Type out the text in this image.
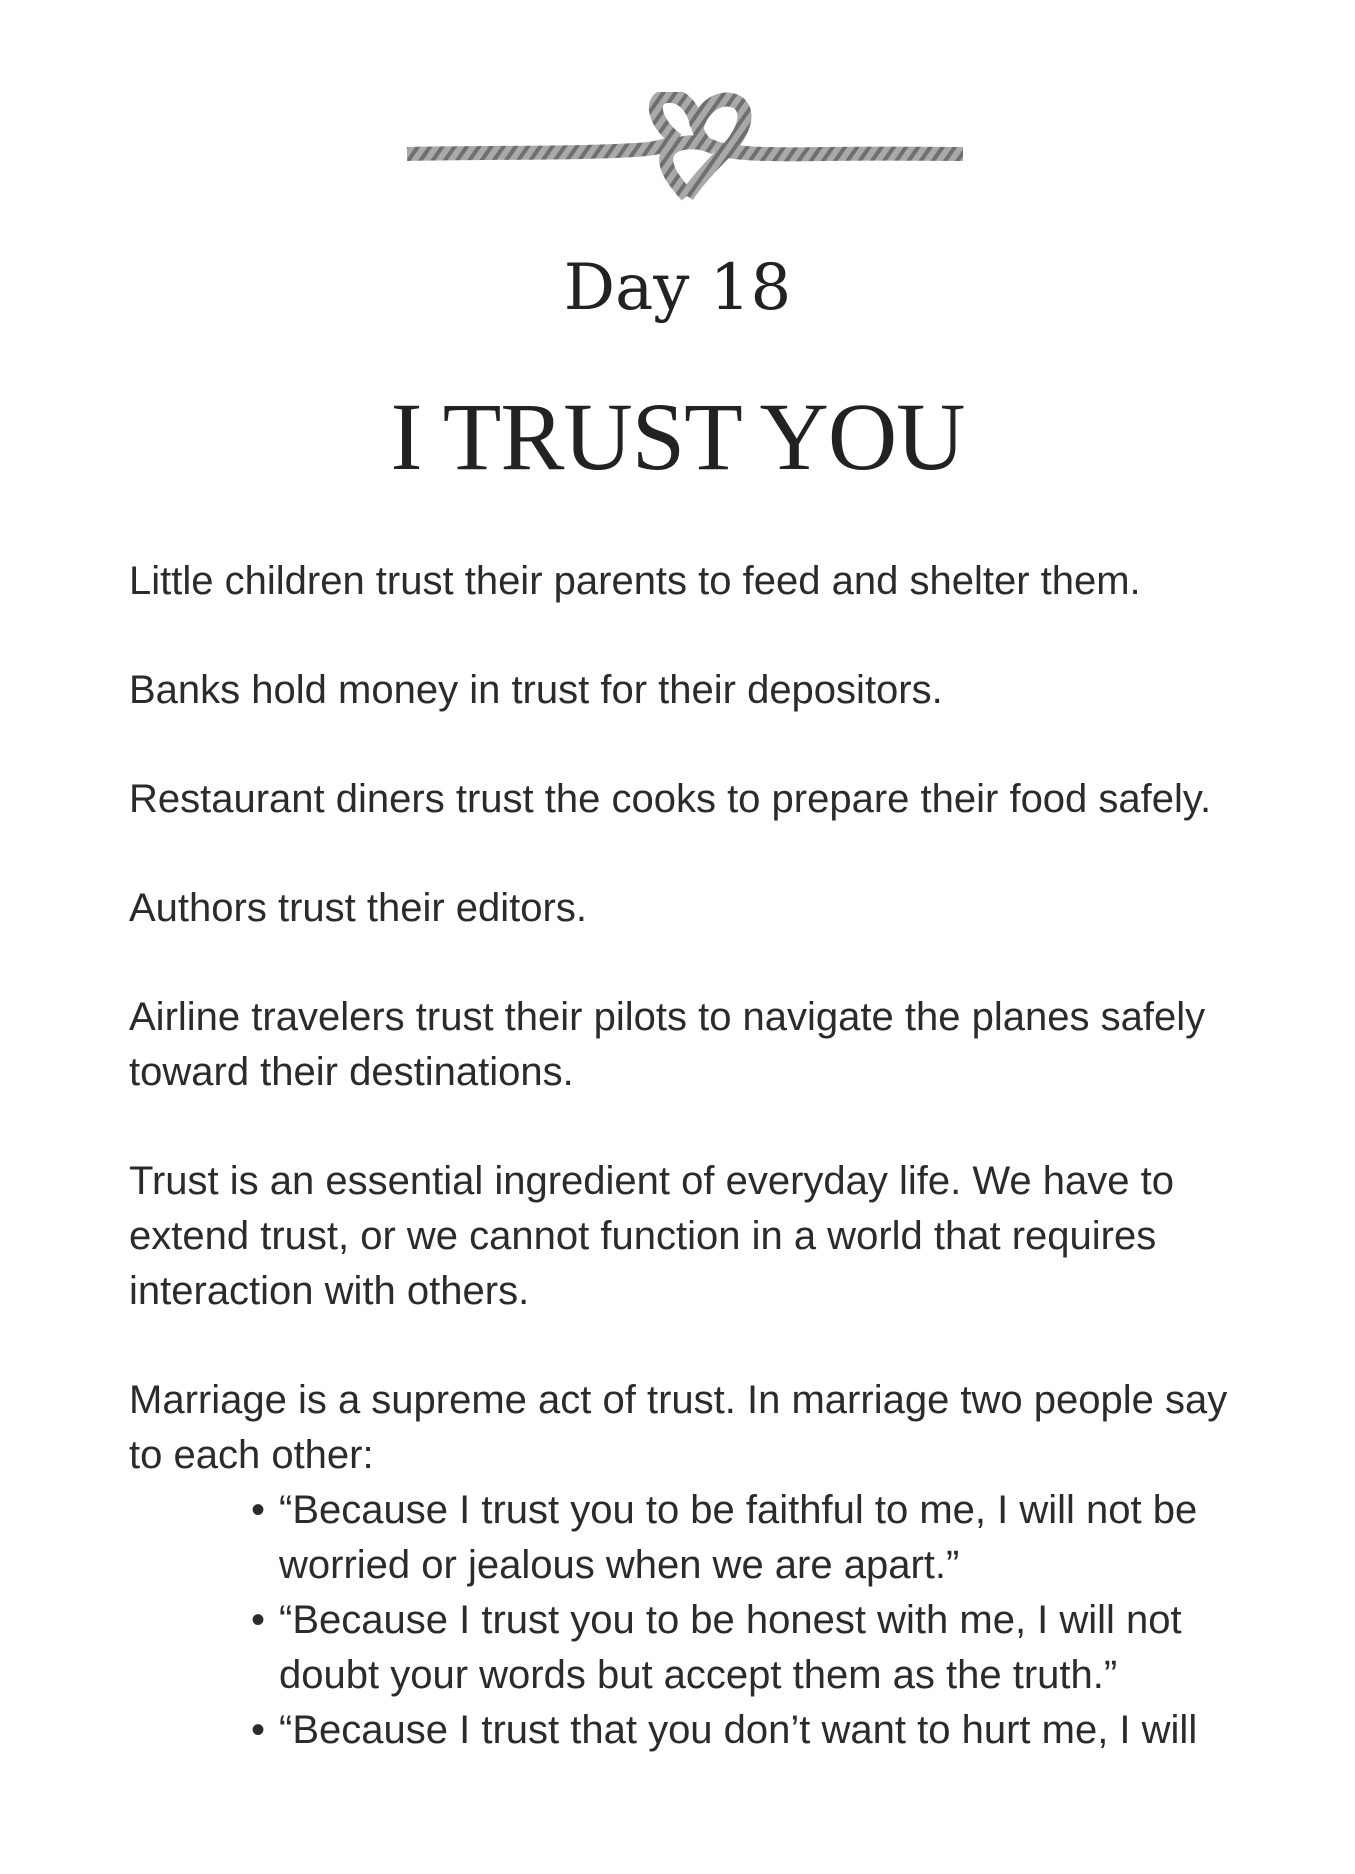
Day 18
I TRUST YOU

Little children trust their parents to feed and shelter them.

Banks hold money in trust for their depositors.

Restaurant diners trust the cooks to prepare their food safely.

Authors trust their editors.

Airline travelers trust their pilots to navigate the planes safely toward their destinations.

Trust is an essential ingredient of everyday life. We have to extend trust, or we cannot function in a world that requires interaction with others.

Marriage is a supreme act of trust. In marriage two people say to each other:

• “Because I trust you to be faithful to me, I will not be worried or jealous when we are apart.”
• “Because I trust you to be honest with me, I will not doubt your words but accept them as the truth.”
• “Because I trust that you don’t want to hurt me, I will
